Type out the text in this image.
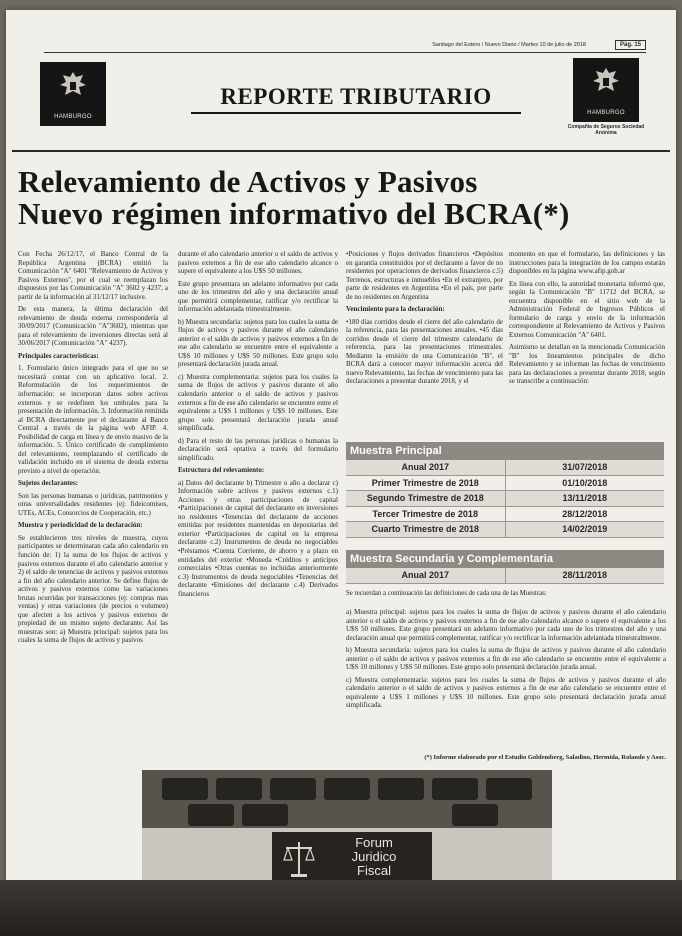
Santiago del Estero / Nuevo Diario / Martes 10 de julio de 2018	Pág. 15
HAMBURGO
HAMBURGO
Compañía de Seguros Sociedad Anónima
REPORTE TRIBUTARIO
Relevamiento de Activos y Pasivos
Nuevo régimen informativo del BCRA(*)

Con Fecha 26/12/17, el Banco Central de la República Argentina (BCRA) emitió la Comunicación "A" 6401 "Relevamiento de Activos y Pasivos Externos", por el cual se reemplazan los dispuestos por las Comunicación "A" 3602 y 4237, a partir de la información al 31/12/17 inclusive.

De esta manera, la última declaración del relevamiento de deuda externa correspondería al 30/09/2017 (Comunicación "A"3602), mientras que para el relevamiento de inversiones directas será al 30/06/2017 (Comunicación "A" 4237).

Principales características:

1. Formulario único integrado para el que no se necesitará contar con un aplicativo local. 2. Reformulación de los requerimientos de información: se incorporan datos sobre activos externos y se redefinen los umbrales para la presentación de información. 3. Información remitida al BCRA directamente por el declarante al Banco Central a través de la página web AFIP. 4. Posibilidad de carga en línea y de envío masivo de la información. 5. Único certificado de cumplimiento del relevamiento, reemplazando el certificado de validación incluido en el sistema de deuda externa previsto a nivel de operación.

Sujetos declarantes:

Son las personas humanas o jurídicas, patrimonios y otras universalidades residentes (ej: fideicomisos, UTEs, ACEs, Consorcios de Cooperación, etc.)

Muestra y periodicidad de la declaración:

Se establecieron tres niveles de muestra, cuyos participantes se determinaran cada año calendario en función de: 1) la suma de los flujos de activos y pasivos externos durante el año calendario anterior y 2) el saldo de tenencias de activos y pasivos externos a fin del año calendario anterior. Se define flujos de activos y pasivos externos como las variaciones brutas ocurridas por transacciones (ej: compras mas ventas) y otras variaciones (de precios o volumen) que afecten a los activos y pasivos externos de propiedad de un mismo sujeto declarante. Así las muestras son: a) Muestra principal: sujetos para los cuales la suma de flujos de activos y pasivos

durante el año calendario anterior o el saldo de activos y pasivos externos a fin de ese año calendario alcance o supere el equivalente a los U$S 50 millones.

Este grupo presentara un adelanto informativo por cada uno de los trimestres del año y una declaración anual que permitirá complementar, ratificar y/o rectificar la información adelantada trimestralmente.

b) Muestra secundaria: sujetos para los cuales la suma de flujos de activos y pasivos durante el año calendario anterior o el saldo de activos y pasivos externos a fin de ese año calendario se encuentre entre el equivalente a U$S 10 millones y U$S 50 millones. Este grupo solo presentará declaración jurada anual.

c) Muestra complementaria: sujetos para los cuales la suma de flujos de activos y pasivos durante el año calendario anterior o el saldo de activos y pasivos externos a fin de ese año calendario se encuentre entre el equivalente a U$S 1 millones y U$S 10 millones. Este grupo solo presentará declaración jurada anual simplificada.

d) Para el resto de las personas jurídicas o humanas la declaración será optativa a través del formulario simplificado.

Estructura del relevamiento:

a) Datos del declarante b) Trimestre o año a declarar c) Información sobre activos y pasivos externos c.1) Acciones y otras participaciones de capital •Participaciones de capital del declarante en inversiones no residentes •Tenencias del declarante de acciones emitidas por residentes mantenidas en depositarias del exterior •Participaciones de capital en la empresa declarante c.2) Instrumentos de deuda no negociables •Préstamos •Cuenta Corriente, de ahorro y a plazo en entidades del exterior •Moneda •Créditos y anticipos comerciales •Otras cuentas no incluidas anteriormente c.3) Instrumentos de deuda negociables •Tenencias del declarante •Emisiones del declarante c.4) Derivados financieros

•Posiciones y flujos derivados financieros •Depósitos en garantía constituidos por el declarante a favor de no residentes por operaciones de derivados financieros c.5) Terrenos, estructuras e inmuebles •En el extranjero, por parte de residentes en Argentina •En el país, por parte de no residentes en Argentina

Vencimiento para la declaración:

•180 días corridos desde el cierre del año calendario de la referencia, para las presentaciones anuales. •45 días corridos desde el cierre del trimestre calendario de referencia, para las presentaciones trimestrales. Mediante la emisión de una Comunicación "B", el BCRA dará a conocer mayor información acerca del nuevo Relevamiento, las fechas de vencimiento para las declaraciones a presentar durante 2018, y el

momento en que el formulario, las definiciones y las instrucciones para la integración de los campos estarán disponibles en la página www.afip.gob.ar

En línea con ello, la autoridad monetaria informó que, según la Comunicación "B" 11712 del BCRA, se encuentra disponible en el sitio web de la Administración Federal de Ingresos Públicos el formulario de carga y envío de la información correspondiente al Relevamiento de Activos y Pasivos Externos Comunicación "A" 6401.

Asimismo se detallan en la mencionada Comunicación "B" los lineamientos principales de dicho Relevamiento y se informan las fechas de vencimiento para las declaraciones a presentar durante 2018, según se transcribe a continuación:

Muestra Principal
Anual 2017	31/07/2018
Primer Trimestre de 2018	01/10/2018
Segundo Trimestre de 2018	13/11/2018
Tercer Trimestre de 2018	28/12/2018
Cuarto Trimestre de 2018	14/02/2019
Muestra Secundaria y Complementaria
Anual 2017	28/11/2018
Se recuerdan a continuación las definiciones de cada una de las Muestras:

a) Muestra principal: sujetos para los cuales la suma de flujos de activos y pasivos durante el año calendario anterior o el saldo de activos y pasivos externos a fin de ese año calendario alcance o supere el equivalente a los U$S 50 millones. Este grupo presentará un adelanto informativo por cada uno de los trimestres del año y una declaración anual que permitirá complementar, ratificar y/o rectificar la información adelantada trimestralmente.

b) Muestra secundaria: sujetos para los cuales la suma de flujos de activos y pasivos durante el año calendario anterior o el saldo de activos y pasivos externos a fin de ese año calendario se encuentre entre el equivalente a U$S 10 millones y U$S 50 millones. Este grupo solo presentará declaración jurada anual.

c) Muestra complementaria: sujetos para los cuales la suma de flujos de activos y pasivos durante el año calendario anterior o el saldo de activos y pasivos externos a fin de ese año calendario se encuentre entre el equivalente a U$S 1 millones y U$S 10 millones. Este grupo solo presentará declaración jurada anual simplificada.

(*) Informe elaborado por el Estudio Goldemberg, Saladino, Hermida, Rolando y Asoc.
Forum
Juridico
Fiscal
